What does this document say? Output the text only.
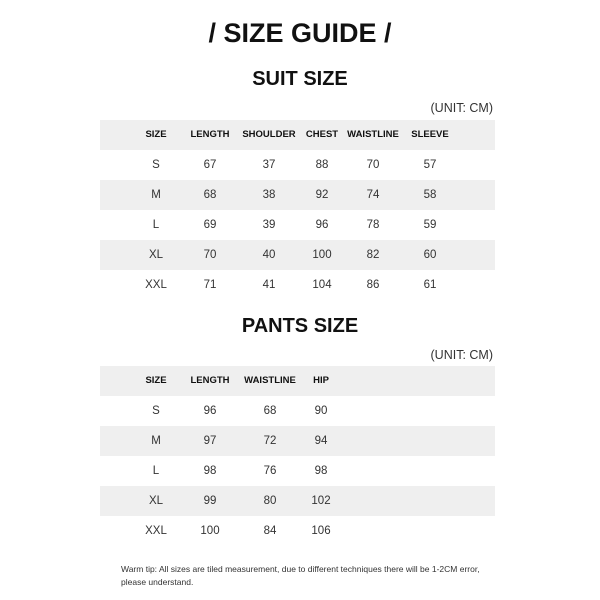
/ SIZE GUIDE /
SUIT SIZE
(UNIT: CM)
SIZE	LENGTH	SHOULDER	CHEST WAISTLINE	SLEEVE
S	67	37	88	70	57
M	68	38	92	74	58
L	69	39	96	78	59
XL	70	40	100	82	60
XXL	71	41	104	86	61
PANTS SIZE
(UNIT: CM)
SIZE	LENGTH	WAISTLINE	HIP
S	96	68	90
M	97	72	94
L	98	76	98
XL	99	80	102
XXL	100	84	106
Warm tip: All sizes are tiled measurement, due to different techniques there will be 1-2CM error, please understand.
